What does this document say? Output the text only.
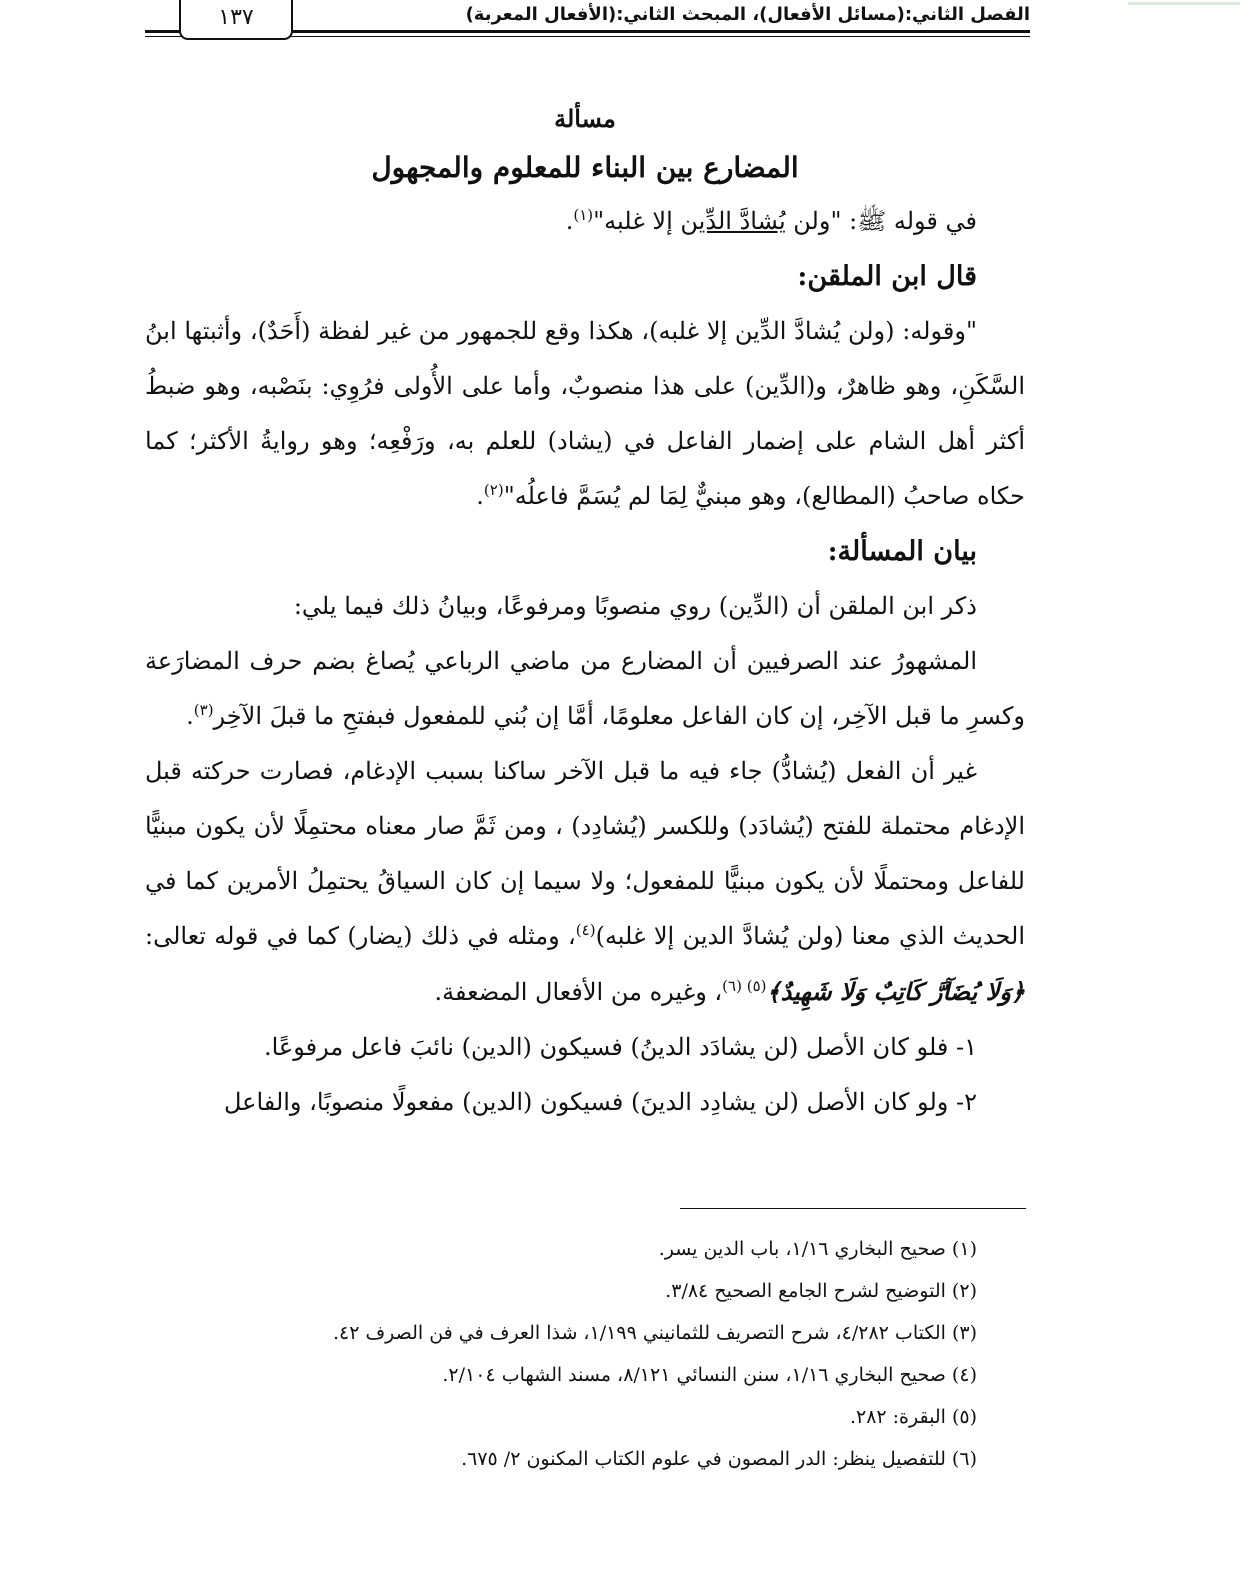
الفصل الثاني:(مسائل الأفعال)، المبحث الثاني:(الأفعال المعربة)
١٣٧
مسألة
المضارع بين البناء للمعلوم والمجهول

في قوله ﷺ: "ولن يُشادَّ الدِّين إلا غلبه"$^{(١)}$.

قال ابن الملقن:

"وقوله: (ولن يُشادَّ الدِّين إلا غلبه)، هكذا وقع للجمهور من غير لفظة (أَحَدٌ)، وأثبتها ابنُ السَّكَنِ، وهو ظاهرٌ، و(الدِّين) على هذا منصوبٌ، وأما على الأُولى فرُوِي: بنَصْبه، وهو ضبطُ أكثر أهل الشام على إضمار الفاعل في (يشاد) للعلم به، ورَفْعِه؛ وهو روايةُ الأكثر؛ كما حكاه صاحبُ (المطالع)، وهو مبنيٌّ لِمَا لم يُسَمَّ فاعلُه"$^{(٢)}$.

بيان المسألة:

ذكر ابن الملقن أن (الدِّين) روي منصوبًا ومرفوعًا، وبيانُ ذلك فيما يلي:

المشهورُ عند الصرفيين أن المضارع من ماضي الرباعي يُصاغ بضم حرف المضارَعة وكسرِ ما قبل الآخِر، إن كان الفاعل معلومًا، أمَّا إن بُني للمفعول فبفتحِ ما قبلَ الآخِر$^{(٣)}$.

غير أن الفعل (يُشادُّ) جاء فيه ما قبل الآخر ساكنا بسبب الإدغام، فصارت حركته قبل الإدغام محتملة للفتح (يُشادَد) وللكسر (يُشادِد) ، ومن ثَمَّ صار معناه محتمِلًا لأن يكون مبنيًّا للفاعل ومحتملًا لأن يكون مبنيًّا للمفعول؛ ولا سيما إن كان السياقُ يحتمِلُ الأمرين كما في الحديث الذي معنا (ولن يُشادَّ الدين إلا غلبه)$^{(٤)}$، ومثله في ذلك (يضار) كما في قوله تعالى: ﴿وَلَا يُضَآرَّ كَاتِبٌ وَلَا شَهِيدٌ﴾$^{(٥) (٦)}$، وغيره من الأفعال المضعفة.

١- فلو كان الأصل (لن يشادَد الدينُ) فسيكون (الدين) نائبَ فاعل مرفوعًا.

٢- ولو كان الأصل (لن يشادِد الدينَ) فسيكون (الدين) مفعولًا منصوبًا، والفاعل

(١) صحيح البخاري ١/١٦، باب الدين يسر.
(٢) التوضيح لشرح الجامع الصحيح ٣/٨٤.
(٣) الكتاب ٤/٢٨٢، شرح التصريف للثمانيني ١/١٩٩، شذا العرف في فن الصرف ٤٢.
(٤) صحيح البخاري ١/١٦، سنن النسائي ٨/١٢١، مسند الشهاب ٢/١٠٤.
(٥) البقرة: ٢٨٢.
(٦) للتفصيل ينظر: الدر المصون في علوم الكتاب المكنون ٢/ ٦٧٥.
